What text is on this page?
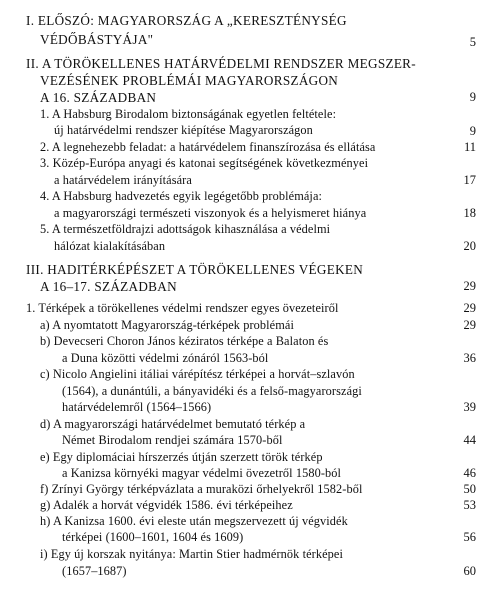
I. ELŐSZÓ: MAGYARORSZÁG A „KERESZTÉNYSÉG
VÉDŐBÁSTYÁJA"	5
II. A TÖRÖKELLENES HATÁRVÉDELMI RENDSZER MEGSZER-
VEZÉSÉNEK PROBLÉMÁI MAGYARORSZÁGON
A 16. SZÁZADBAN	9
1. A Habsburg Birodalom biztonságának egyetlen feltétele:
új határvédelmi rendszer kiépítése Magyarországon	9
2. A legnehezebb feladat: a határvédelem finanszírozása és ellátása	11
3. Közép-Európa anyagi és katonai segítségének következményei
a határvédelem irányítására	17
4. A Habsburg hadvezetés egyik legégetőbb problémája:
a magyarországi természeti viszonyok és a helyismeret hiánya	18
5. A természetföldrajzi adottságok kihasználása a védelmi
hálózat kialakításában	20
III. HADITÉRKÉPÉSZET A TÖRÖKELLENES VÉGEKEN
A 16–17. SZÁZADBAN	29
1. Térképek a törökellenes védelmi rendszer egyes övezeteiről	29
a) A nyomtatott Magyarország-térképek problémái	29
b) Devecseri Choron János kéziratos térképe a Balaton és
a Duna közötti védelmi zónáról 1563-ból	36
c) Nicolo Angielini itáliai várépítész térképei a horvát–szlavón
(1564), a dunántúli, a bányavidéki és a felső-magyarországi
határvédelemről (1564–1566)	39
d) A magyarországi határvédelmet bemutató térkép a
Német Birodalom rendjei számára 1570-ből	44
e) Egy diplomáciai hírszerzés útján szerzett török térkép
a Kanizsa környéki magyar védelmi övezetről 1580-ból	46
f) Zrínyi György térképvázlata a muraközi őrhelyekről 1582-ből	50
g) Adalék a horvát végvidék 1586. évi térképeihez	53
h) A Kanizsa 1600. évi eleste után megszervezett új végvidék
térképei (1600–1601, 1604 és 1609)	56
i) Egy új korszak nyitánya: Martin Stier hadmérnök térképei
(1657–1687)	60
